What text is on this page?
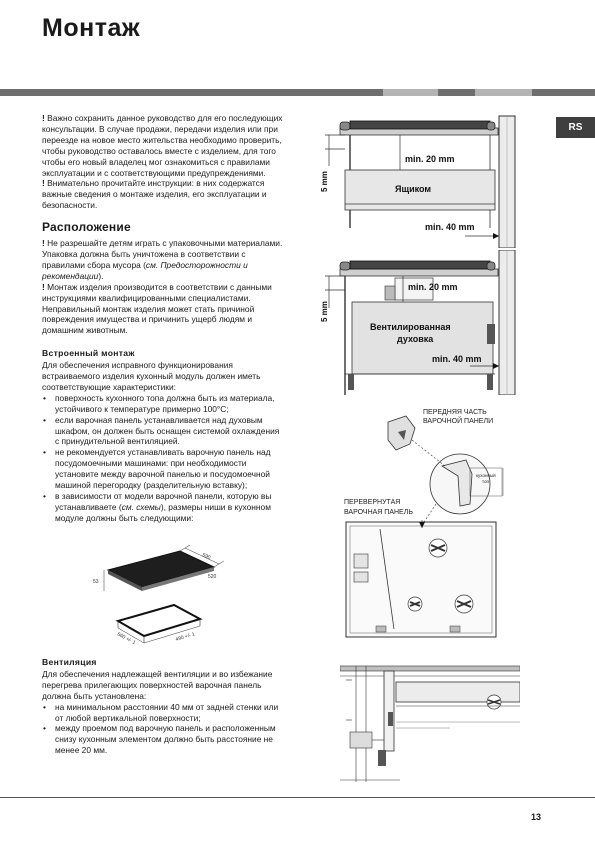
Монтаж
RS

! Важно сохранить данное руководство для его последующих консультации. В случае продажи, передачи изделия или при переезде на новое место жительства необходимо проверить, чтобы руководство оставалось вместе с изделием, для того чтобы его новый владелец мог ознакомиться с правилами эксплуатации и с соответствующими предупреждениями.

! Внимательно прочитайте инструкции: в них содержатся важные сведения о монтаже изделия, его эксплуатации и безопасности.

Расположение

! Не разрешайте детям играть с упаковочными материалами. Упаковка должна быть уничтожена в соответствии с правилами сбора мусора (см. Предосторожности и рекомендации).

! Монтаж изделия производится в соответствии с данными инструкциями квалифицированными специалистами. Неправильный монтаж изделия может стать причиной повреждения имущества и причинить ущерб людям и домашним животным.

Встроенный монтаж

Для обеспечения исправного функционирования встраиваемого изделия кухонный модуль должен иметь соответствующие характеристики:

• поверхность кухонного топа должна быть из материала, устойчивого к температуре примерно 100°C;
• если варочная панель устанавливается над духовым шкафом, он должен быть оснащен системой охлаждения с принудительной вентиляцией.
• не рекомендуется устанавливать варочную панель над посудомоечными машинами: при необходимости установите между варочной панелью и посудомоечной машиной перегородку (разделительную вставку);
• в зависимости от модели варочной панели, которую вы устанавливаете (см. схемы), размеры ниши в кухонном модуле должны быть следующими:
590
520
53
560 +/- 1	490 +/- 1
Вентиляция

Для обеспечения надлежащей вентиляции и во избежание

перегрева прилегающих поверхностей варочная панель должна быть установлена:

• на минимальном расстоянии 40 мм от задней стенки или от любой вертикальной поверхности;
• между проемом под варочную панель и расположенным снизу кухонным элементом должно быть расстояние не менее 20 мм.
5 mm
min. 20 mm
Ящиком
min. 40 mm
5 mm
min. 20 mm
Вентилированная
духовка
min. 40 mm
ПЕРЕДНЯЯ ЧАСТЬ
ВАРОЧНОЙ ПАНЕЛИ
кухонный
топ
ПЕРЕВЕРНУТАЯ
ВАРОЧНАЯ ПАНЕЛЬ
13
